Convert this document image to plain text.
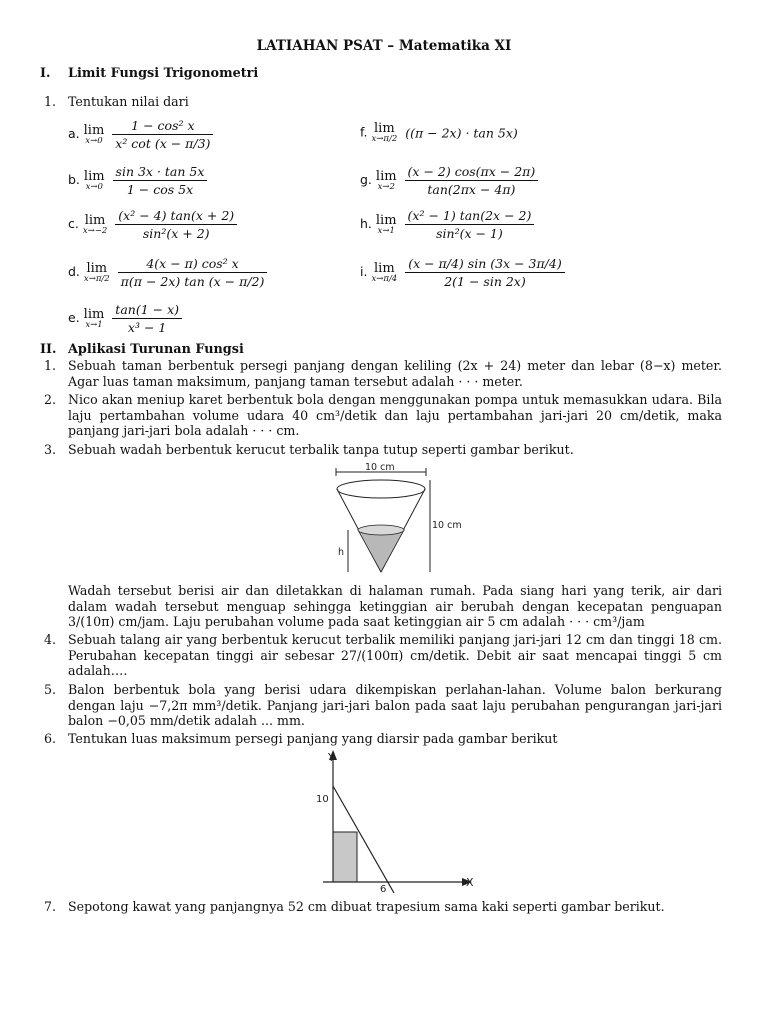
LATIAHAN PSAT – Matematika XI
I. Limit Fungsi Trigonometri
1. Tentukan nilai dari
a. lim
x→0
$\frac{\text{1 − cos² x}}{\text{x² cot (x − π/3)}}$
b. lim
x→0
$\frac{\sin 3x \cdot \tan 5x}{1 - \cos 5x}$
c. lim
x→−2
$\frac{\text{(x² − 4) tan(x + 2)}}{\text{sin²(x + 2)}}$
d. lim
x→π/2
$\frac{\text{4(x − π) cos² x}}{\pi(\pi - 2x) \tan (x - \pi/2)}$
e. lim
x→1
$\frac{\tan(1 - x)}{\text{x³ − 1}}$
f. lim
x→π/2 ((π − 2x) · tan 5x)
g. lim
x→2
$\frac{(x - 2) \cos(\pi x - 2\pi)}{\tan(2\pi x - 4\pi)}$
h. lim
x→1
$\frac{\text{(x² − 1) tan(2x − 2)}}{\text{sin²(x − 1)}}$
i. lim
x→π/4
$\frac{(x - \pi/4) \sin (3x - 3\pi/4)}{2(1 - \sin 2x)}$
II. Aplikasi Turunan Fungsi
1. Sebuah taman berbentuk persegi panjang dengan keliling (2x + 24) meter dan lebar (8−x) meter. Agar luas taman maksimum, panjang taman tersebut adalah · · · meter.
2. Nico akan meniup karet berbentuk bola dengan menggunakan pompa untuk memasukkan udara. Bila laju pertambahan volume udara 40 cm³/detik dan laju pertambahan jari-jari 20 cm/detik, maka panjang jari-jari bola adalah · · · cm.
3. Sebuah wadah berbentuk kerucut terbalik tanpa tutup seperti gambar berikut.
10 cm
10 cm
h
Wadah tersebut berisi air dan diletakkan di halaman rumah. Pada siang hari yang terik, air dari dalam wadah tersebut menguap sehingga ketinggian air berubah dengan kecepatan penguapan 3/(10π) cm/jam. Laju perubahan volume pada saat ketinggian air 5 cm adalah · · · cm³/jam
4. Sebuah talang air yang berbentuk kerucut terbalik memiliki panjang jari-jari 12 cm dan tinggi 18 cm. Perubahan kecepatan tinggi air sebesar 27/(100π) cm/detik. Debit air saat mencapai tinggi 5 cm adalah….
5. Balon berbentuk bola yang berisi udara dikempiskan perlahan-lahan. Volume balon berkurang dengan laju −7,2π mm³/detik. Panjang jari-jari balon pada saat laju perubahan pengurangan jari-jari balon −0,05 mm/detik adalah ... mm.
6. Tentukan luas maksimum persegi panjang yang diarsir pada gambar berikut
Y
X
10
6
7. Sepotong kawat yang panjangnya 52 cm dibuat trapesium sama kaki seperti gambar berikut.
